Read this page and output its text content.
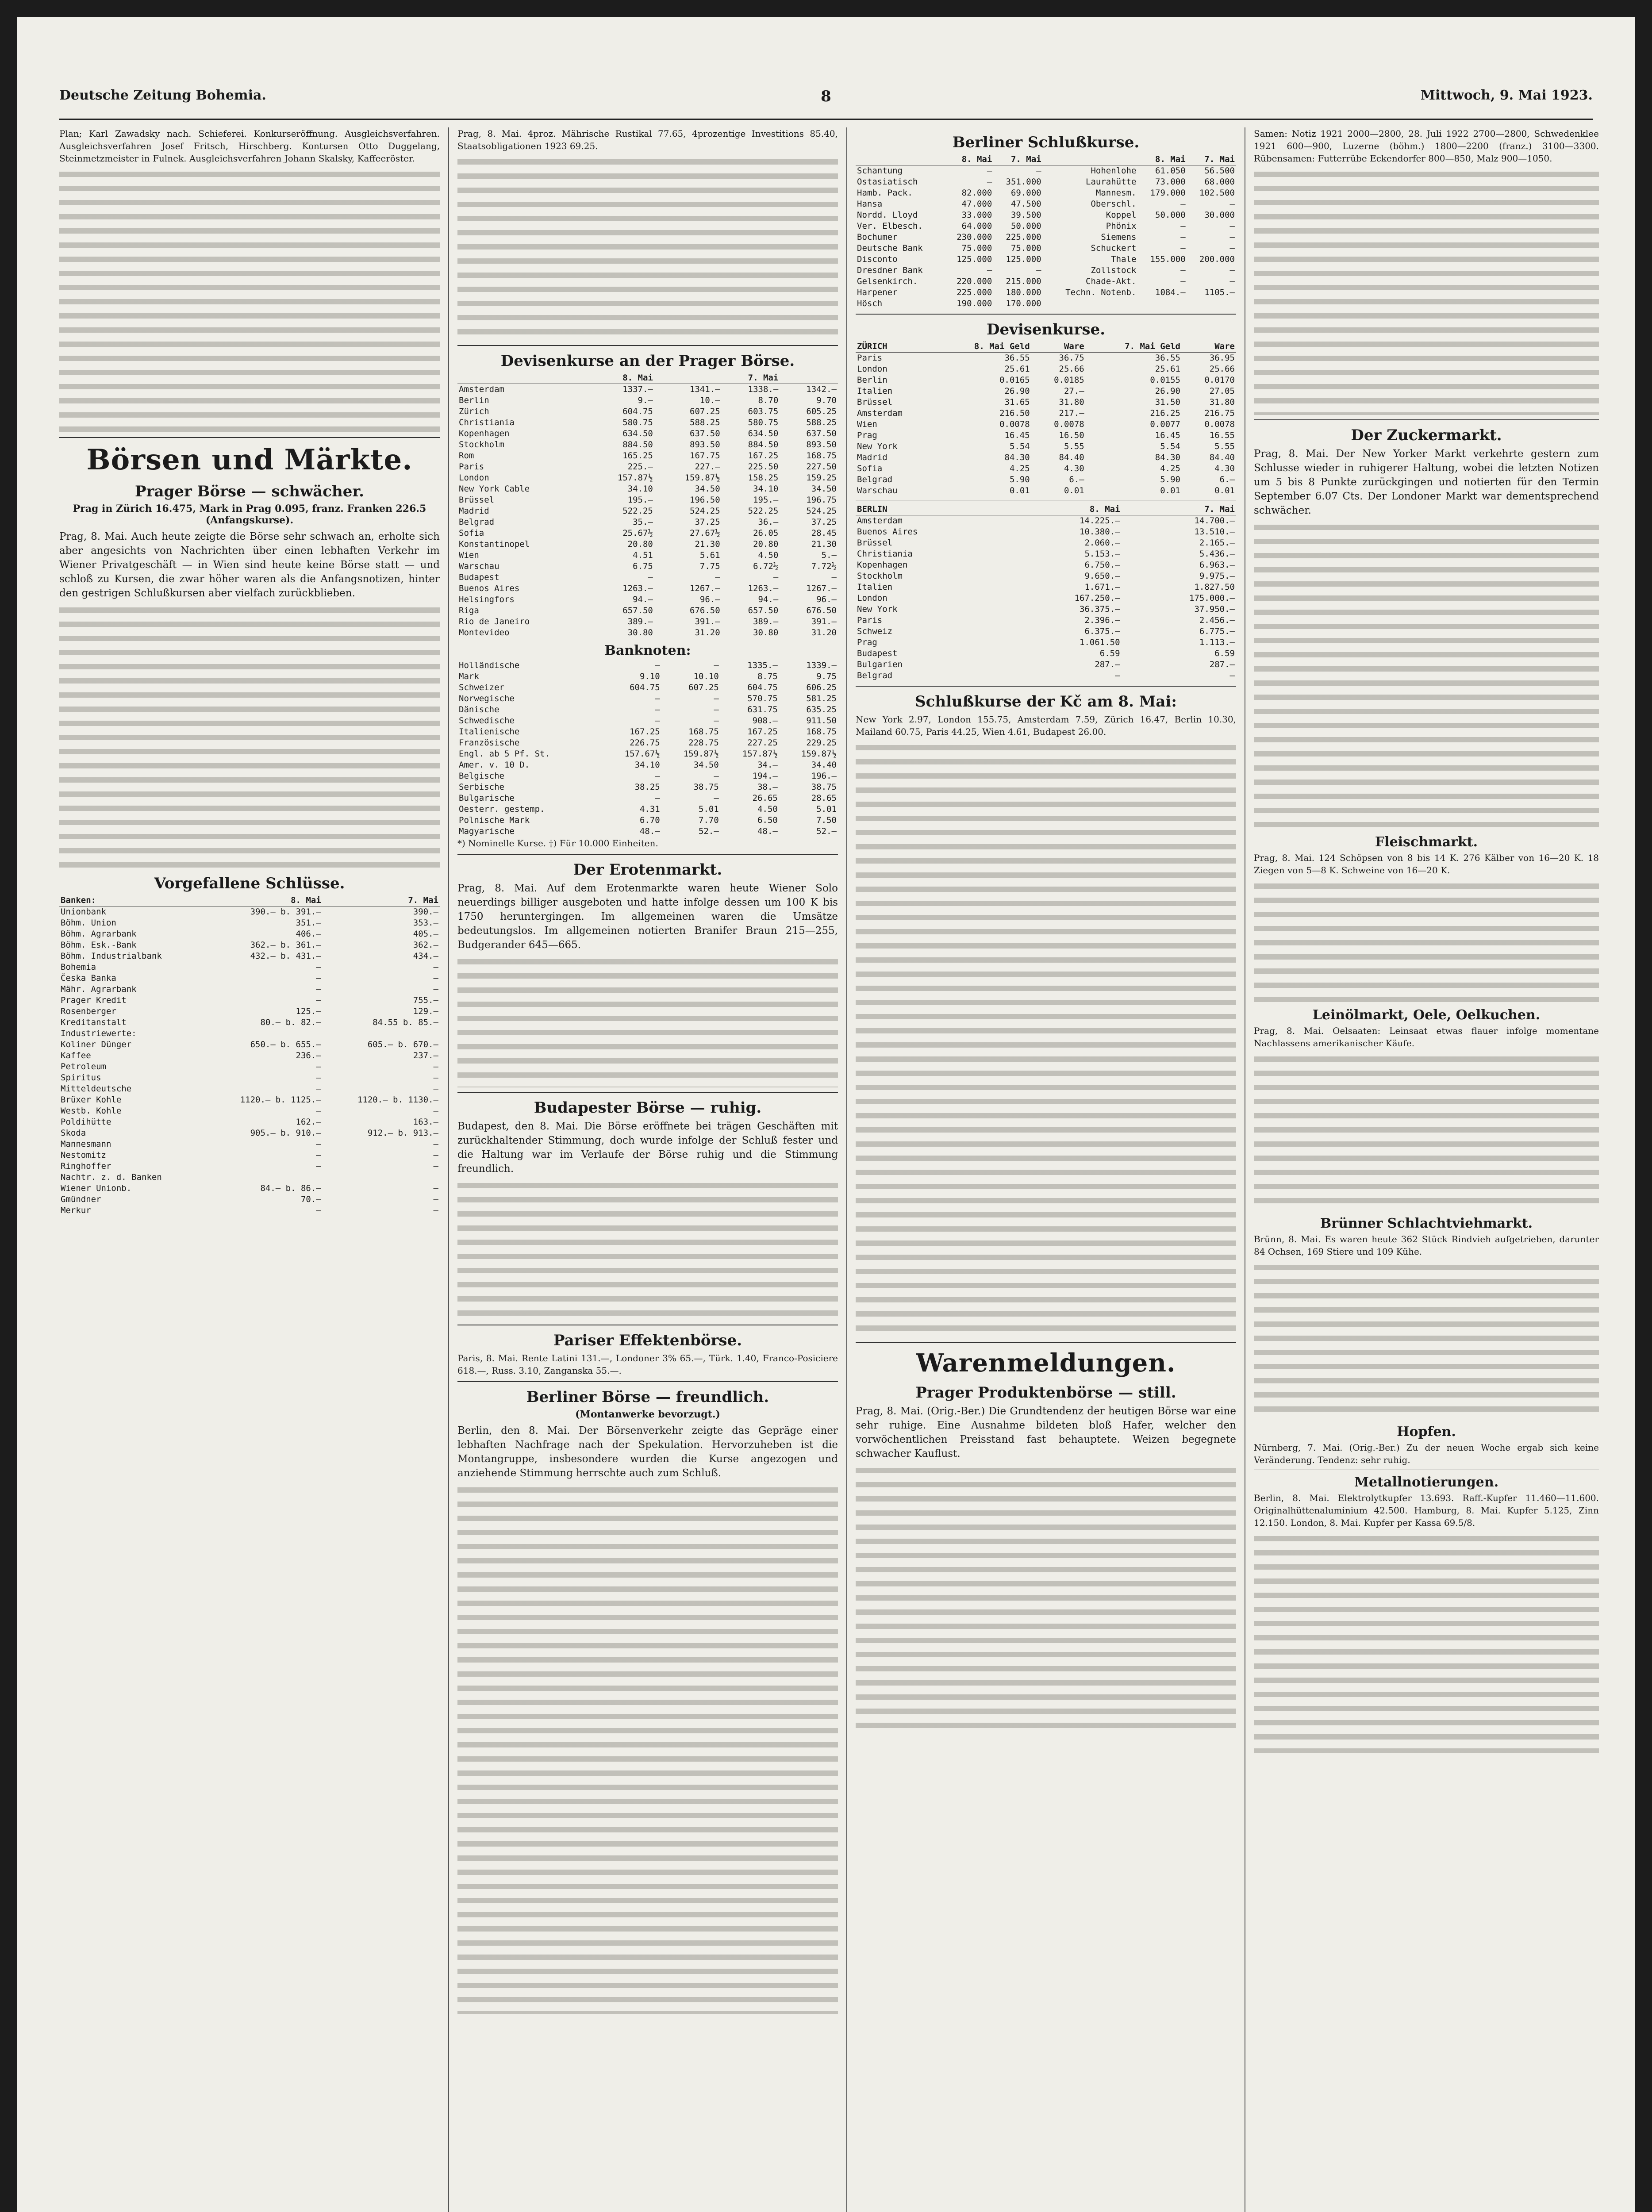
Deutsche Zeitung Bohemia.	8	Mittwoch, 9. Mai 1923.

Plan; Karl Zawadsky nach. Schieferei. Konkurseröffnung. Ausgleichsverfahren. Ausgleichsverfahren Josef Fritsch, Hirschberg. Kontursen Otto Duggelang, Steinmetzmeister in Fulnek. Ausgleichsverfahren Johann Skalsky, Kaffeeröster.

Börsen und Märkte.
Prager Börse — schwächer.

Prag in Zürich 16.475, Mark in Prag 0.095, franz. Franken 226.5 (Anfangskurse).

Prag, 8. Mai. Auch heute zeigte die Börse sehr schwach an, erholte sich aber angesichts von Nachrichten über einen lebhaften Verkehr im Wiener Privatgeschäft — in Wien sind heute keine Börse statt — und schloß zu Kursen, die zwar höher waren als die Anfangsnotizen, hinter den gestrigen Schlußkursen aber vielfach zurückblieben.

Vorgefallene Schlüsse.
Banken:	8. Mai	7. Mai
Unionbank	390.— b. 391.—	390.—
Böhm. Union	351.—	353.—
Böhm. Agrarbank	406.—	405.—
Böhm. Esk.-Bank	362.— b. 361.—	362.—
Böhm. Industrialbank	432.— b. 431.—	434.—
Bohemia	—	—
Česka Banka	—	—
Mähr. Agrarbank	—	—
Prager Kredit	—	755.—
Rosenberger	125.—	129.—
Kreditanstalt	80.— b. 82.—	84.55 b. 85.—
Industriewerte:		
Koliner Dünger	650.— b. 655.—	605.— b. 670.—
Kaffee	236.—	237.—
Petroleum	—	—
Spiritus	—	—
Mitteldeutsche	—	—
Brüxer Kohle	1120.— b. 1125.—	1120.— b. 1130.—
Westb. Kohle	—	—
Poldihütte	162.—	163.—
Skoda	905.— b. 910.—	912.— b. 913.—
Mannesmann	—	—
Nestomitz	—	—
Ringhoffer	—	—
Nachtr. z. d. Banken		
Wiener Unionb.	84.— b. 86.—	—
Gmündner	70.—	—
Merkur	—	—

Prag, 8. Mai. 4proz. Mährische Rustikal 77.65, 4prozentige Investitions 85.40, Staatsobligationen 1923 69.25.

Devisenkurse an der Prager Börse.
	8. Mai		7. Mai	
Amsterdam	1337.—	1341.—	1338.—	1342.—
Berlin	9.—	10.—	8.70	9.70
Zürich	604.75	607.25	603.75	605.25
Christiania	580.75	588.25	580.75	588.25
Kopenhagen	634.50	637.50	634.50	637.50
Stockholm	884.50	893.50	884.50	893.50
Rom	165.25	167.75	167.25	168.75
Paris	225.—	227.—	225.50	227.50
London	157.87½	159.87½	158.25	159.25
New York Cable	34.10	34.50	34.10	34.50
Brüssel	195.—	196.50	195.—	196.75
Madrid	522.25	524.25	522.25	524.25
Belgrad	35.—	37.25	36.—	37.25
Sofia	25.67½	27.67½	26.05	28.45
Konstantinopel	20.80	21.30	20.80	21.30
Wien	4.51	5.61	4.50	5.—
Warschau	6.75	7.75	6.72½	7.72½
Budapest	—	—	—	—
Buenos Aires	1263.—	1267.—	1263.—	1267.—
Helsingfors	94.—	96.—	94.—	96.—
Riga	657.50	676.50	657.50	676.50
Rio de Janeiro	389.—	391.—	389.—	391.—
Montevideo	30.80	31.20	30.80	31.20
Banknoten:
Holländische	—	—	1335.—	1339.—
Mark	9.10	10.10	8.75	9.75
Schweizer	604.75	607.25	604.75	606.25
Norwegische	—	—	570.75	581.25
Dänische	—	—	631.75	635.25
Schwedische	—	—	908.—	911.50
Italienische	167.25	168.75	167.25	168.75
Französische	226.75	228.75	227.25	229.25
Engl. ab 5 Pf. St.	157.67½	159.87½	157.87½	159.87½
Amer. v. 10 D.	34.10	34.50	34.—	34.40
Belgische	—	—	194.—	196.—
Serbische	38.25	38.75	38.—	38.75
Bulgarische	—	—	26.65	28.65
Oesterr. gestemp.	4.31	5.01	4.50	5.01
Polnische Mark	6.70	7.70	6.50	7.50
Magyarische	48.—	52.—	48.—	52.—

*) Nominelle Kurse. †) Für 10.000 Einheiten.

Der Erotenmarkt.

Prag, 8. Mai. Auf dem Erotenmarkte waren heute Wiener Solo neuerdings billiger ausgeboten und hatte infolge dessen um 100 K bis 1750 heruntergingen. Im allgemeinen waren die Umsätze bedeutungslos. Im allgemeinen notierten Branifer Braun 215—255, Budgerander 645—665.

Budapester Börse — ruhig.

Budapest, den 8. Mai. Die Börse eröffnete bei trägen Geschäften mit zurückhaltender Stimmung, doch wurde infolge der Schluß fester und die Haltung war im Verlaufe der Börse ruhig und die Stimmung freundlich.

Pariser Effektenbörse.

Paris, 8. Mai. Rente Latini 131.—, Londoner 3% 65.—, Türk. 1.40, Franco-Posiciere 618.—, Russ. 3.10, Zanganska 55.—.

Berliner Börse — freundlich.

(Montanwerke bevorzugt.)

Berlin, den 8. Mai. Der Börsenverkehr zeigte das Gepräge einer lebhaften Nachfrage nach der Spekulation. Hervorzuheben ist die Montangruppe, insbesondere wurden die Kurse angezogen und anziehende Stimmung herrschte auch zum Schluß.

Berliner Schlußkurse.
	8. Mai	7. Mai		8. Mai	7. Mai
Schantung	—	—	Hohenlohe	61.050	56.500
Ostasiatisch	—	351.000	Laurahütte	73.000	68.000
Hamb. Pack.	82.000	69.000	Mannesm.	179.000	102.500
Hansa	47.000	47.500	Oberschl.	—	—
Nordd. Lloyd	33.000	39.500	Koppel	50.000	30.000
Ver. Elbesch.	64.000	50.000	Phönix	—	—
Bochumer	230.000	225.000	Siemens	—	—
Deutsche Bank	75.000	75.000	Schuckert	—	—
Disconto	125.000	125.000	Thale	155.000	200.000
Dresdner Bank	—	—	Zollstock	—	—
Gelsenkirch.	220.000	215.000	Chade-Akt.	—	—
Harpener	225.000	180.000	Techn. Notenb.	1084.—	1105.—
Hösch	190.000	170.000			
Devisenkurse.
ZÜRICH	8. Mai Geld	Ware	7. Mai Geld	Ware
Paris	36.55	36.75	36.55	36.95
London	25.61	25.66	25.61	25.66
Berlin	0.0165	0.0185	0.0155	0.0170
Italien	26.90	27.—	26.90	27.05
Brüssel	31.65	31.80	31.50	31.80
Amsterdam	216.50	217.—	216.25	216.75
Wien	0.0078	0.0078	0.0077	0.0078
Prag	16.45	16.50	16.45	16.55
New York	5.54	5.55	5.54	5.55
Madrid	84.30	84.40	84.30	84.40
Sofia	4.25	4.30	4.25	4.30
Belgrad	5.90	6.—	5.90	6.—
Warschau	0.01	0.01	0.01	0.01
BERLIN	8. Mai	7. Mai
Amsterdam	14.225.—	14.700.—
Buenos Aires	10.380.—	13.510.—
Brüssel	2.060.—	2.165.—
Christiania	5.153.—	5.436.—
Kopenhagen	6.750.—	6.963.—
Stockholm	9.650.—	9.975.—
Italien	1.671.—	1.827.50
London	167.250.—	175.000.—
New York	36.375.—	37.950.—
Paris	2.396.—	2.456.—
Schweiz	6.375.—	6.775.—
Prag	1.061.50	1.113.—
Budapest	6.59	6.59
Bulgarien	287.—	287.—
Belgrad	—	—
Schlußkurse der Kč am 8. Mai:

New York 2.97, London 155.75, Amsterdam 7.59, Zürich 16.47, Berlin 10.30, Mailand 60.75, Paris 44.25, Wien 4.61, Budapest 26.00.

Warenmeldungen.
Prager Produktenbörse — still.

Prag, 8. Mai. (Orig.-Ber.) Die Grundtendenz der heutigen Börse war eine sehr ruhige. Eine Ausnahme bildeten bloß Hafer, welcher den vorwöchentlichen Preisstand fast behauptete. Weizen begegnete schwacher Kauflust.

Samen: Notiz 1921 2000—2800, 28. Juli 1922 2700—2800, Schwedenklee 1921 600—900, Luzerne (böhm.) 1800—2200 (franz.) 3100—3300. Rübensamen: Futterrübe Eckendorfer 800—850, Malz 900—1050.

Der Zuckermarkt.

Prag, 8. Mai. Der New Yorker Markt verkehrte gestern zum Schlusse wieder in ruhigerer Haltung, wobei die letzten Notizen um 5 bis 8 Punkte zurückgingen und notierten für den Termin September 6.07 Cts. Der Londoner Markt war dementsprechend schwächer.

Fleischmarkt.

Prag, 8. Mai. 124 Schöpsen von 8 bis 14 K. 276 Kälber von 16—20 K. 18 Ziegen von 5—8 K. Schweine von 16—20 K.

Leinölmarkt, Oele, Oelkuchen.

Prag, 8. Mai. Oelsaaten: Leinsaat etwas flauer infolge momentane Nachlassens amerikanischer Käufe.

Brünner Schlachtviehmarkt.

Brünn, 8. Mai. Es waren heute 362 Stück Rindvieh aufgetrieben, darunter 84 Ochsen, 169 Stiere und 109 Kühe.

Hopfen.

Nürnberg, 7. Mai. (Orig.-Ber.) Zu der neuen Woche ergab sich keine Veränderung. Tendenz: sehr ruhig.

Metallnotierungen.

Berlin, 8. Mai. Elektrolytkupfer 13.693. Raff.-Kupfer 11.460—11.600. Originalhüttenaluminium 42.500. Hamburg, 8. Mai. Kupfer 5.125, Zinn 12.150. London, 8. Mai. Kupfer per Kassa 69.5/8.
